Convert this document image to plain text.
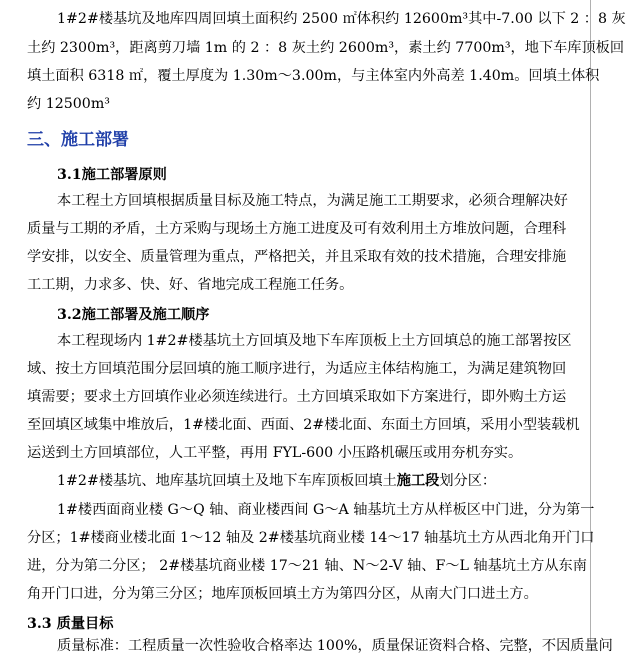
1#2#楼基坑及地库四周回填土面积约 2500 ㎡体积约 12600m³其中-7.00 以下 2 ：8 灰
土约 2300m³，距离剪刀墙 1m 的 2 ：8 灰土约 2600m³，素土约 7700m³，地下车库顶板回
填土面积 6318 ㎡，覆土厚度为 1.30m～3.00m，与主体室内外高差 1.40m。回填土体积
约 12500m³
三、施工部署
3.1施工部署原则
本工程土方回填根据质量目标及施工特点，为满足施工工期要求，必须合理解决好
质量与工期的矛盾，土方采购与现场土方施工进度及可有效利用土方堆放问题，合理科
学安排，以安全、质量管理为重点，严格把关，并且采取有效的技术措施，合理安排施
工工期，力求多、快、好、省地完成工程施工任务。
3.2施工部署及施工顺序
本工程现场内 1#2#楼基坑土方回填及地下车库顶板上土方回填总的施工部署按区
域、按土方回填范围分层回填的施工顺序进行，为适应主体结构施工，为满足建筑物回
填需要；要求土方回填作业必须连续进行。土方回填采取如下方案进行，即外购土方运
至回填区域集中堆放后，1#楼北面、西面、2#楼北面、东面土方回填，采用小型装载机
运送到土方回填部位，人工平整，再用 FYL-600 小压路机碾压或用夯机夯实。
1#2#楼基坑、地库基坑回填土及地下车库顶板回填土施工段划分区：
1#楼西面商业楼 G～Q 轴、商业楼西间 G～A 轴基坑土方从样板区中门进，分为第一
分区；1#楼商业楼北面 1～12 轴及 2#楼基坑商业楼 14～17 轴基坑土方从西北角开门口
进，分为第二分区； 2#楼基坑商业楼 17～21 轴、N～2-V 轴、F～L 轴基坑土方从东南
角开门口进，分为第三分区；地库顶板回填土方为第四分区，从南大门口进土方。
3.3 质量目标
质量标准：工程质量一次性验收合格率达 100%，质量保证资料合格、完整，不因质量问
